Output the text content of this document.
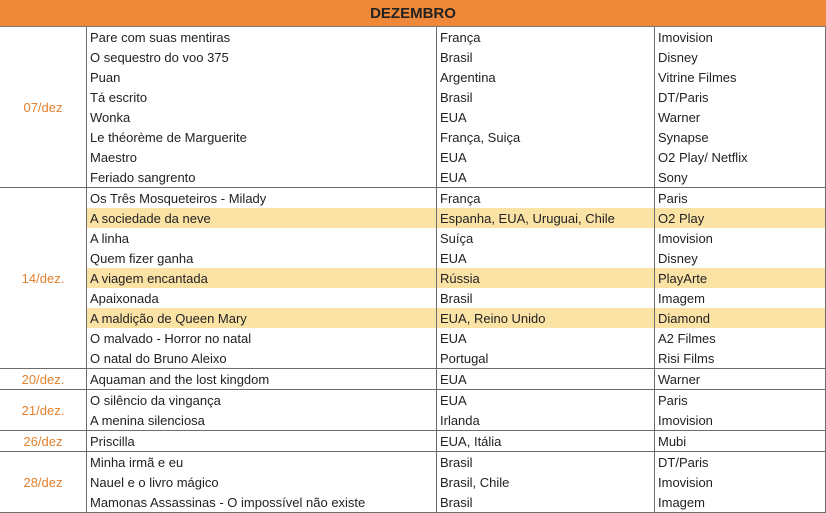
DEZEMBRO
07/dez
Pare com suas mentiras	França	Imovision
O sequestro do voo 375	Brasil	Disney
Puan	Argentina	Vitrine Filmes
Tá escrito	Brasil	DT/Paris
Wonka	EUA	Warner
Le théorème de Marguerite	França, Suiça	Synapse
Maestro	EUA	O2 Play/ Netflix
Feriado sangrento	EUA	Sony
14/dez.
Os Três Mosqueteiros - Milady	França	Paris
A sociedade da neve	Espanha, EUA, Uruguai, Chile	O2 Play
A linha	Suíça	Imovision
Quem fizer ganha	EUA	Disney
A viagem encantada	Rússia	PlayArte
Apaixonada	Brasil	Imagem
A maldição de Queen Mary	EUA, Reino Unido	Diamond
O malvado - Horror no natal	EUA	A2 Filmes
O natal do Bruno Aleixo	Portugal	Risi Films
20/dez.	Aquaman and the lost kingdom	EUA	Warner
21/dez.
O silêncio da vingança	EUA	Paris
A menina silenciosa	Irlanda	Imovision
26/dez	Priscilla	EUA, Itália	Mubi
28/dez
Minha irmã e eu	Brasil	DT/Paris
Nauel e o livro mágico	Brasil, Chile	Imovision
Mamonas Assassinas - O impossível não existe	Brasil	Imagem
